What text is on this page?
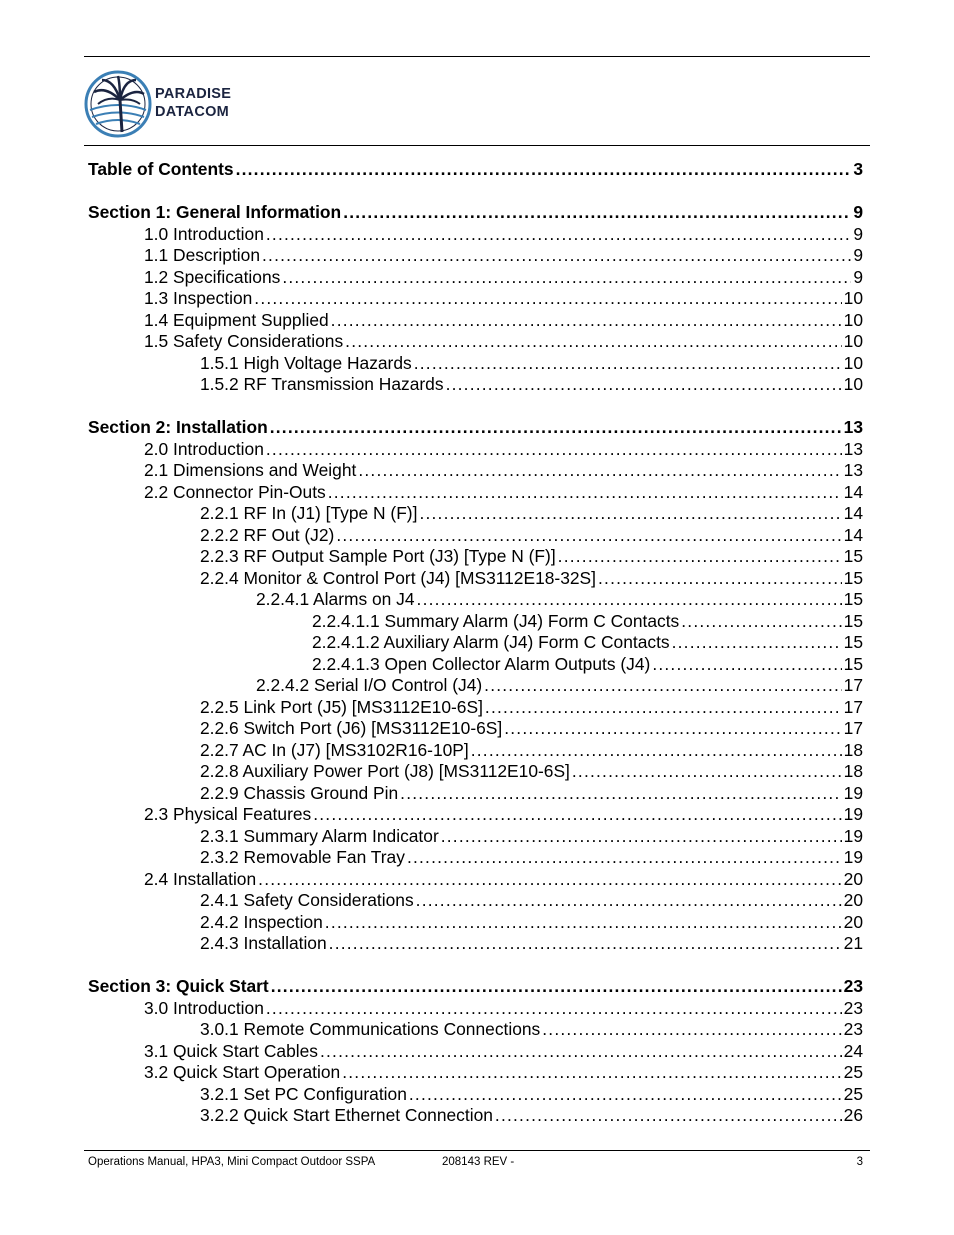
PARADISE
DATACOM
Table of Contents .....	3
Section 1: General Information .....	9
1.0 Introduction .....	9
1.1 Description .....	9
1.2 Specifications .....	9
1.3 Inspection .....	10
1.4 Equipment Supplied .....	10
1.5 Safety Considerations .....	10
1.5.1 High Voltage Hazards .....	10
1.5.2 RF Transmission Hazards .....	10
Section 2: Installation .....	13
2.0 Introduction .....	13
2.1 Dimensions and Weight .....	13
2.2 Connector Pin-Outs .....	14
2.2.1 RF In (J1) [Type N (F)] .....	14
2.2.2 RF Out (J2) .....	14
2.2.3 RF Output Sample Port (J3) [Type N (F)] .....	15
2.2.4 Monitor & Control Port (J4) [MS3112E18-32S] .....	15
2.2.4.1 Alarms on J4 .....	15
2.2.4.1.1 Summary Alarm (J4) Form C Contacts .....	15
2.2.4.1.2 Auxiliary Alarm (J4) Form C Contacts .....	15
2.2.4.1.3 Open Collector Alarm Outputs (J4) .....	15
2.2.4.2 Serial I/O Control (J4) .....	17
2.2.5 Link Port (J5) [MS3112E10-6S] .....	17
2.2.6 Switch Port (J6) [MS3112E10-6S] .....	17
2.2.7 AC In (J7) [MS3102R16-10P] .....	18
2.2.8 Auxiliary Power Port (J8) [MS3112E10-6S] .....	18
2.2.9 Chassis Ground Pin .....	19
2.3 Physical Features .....	19
2.3.1 Summary Alarm Indicator .....	19
2.3.2 Removable Fan Tray .....	19
2.4 Installation .....	20
2.4.1 Safety Considerations .....	20
2.4.2 Inspection .....	20
2.4.3 Installation .....	21
Section 3: Quick Start .....	23
3.0 Introduction .....	23
3.0.1 Remote Communications Connections .....	23
3.1 Quick Start Cables .....	24
3.2 Quick Start Operation .....	25
3.2.1 Set PC Configuration .....	25
3.2.2 Quick Start Ethernet Connection .....	26
Operations Manual, HPA3, Mini Compact Outdoor SSPA	208143 REV -	3
